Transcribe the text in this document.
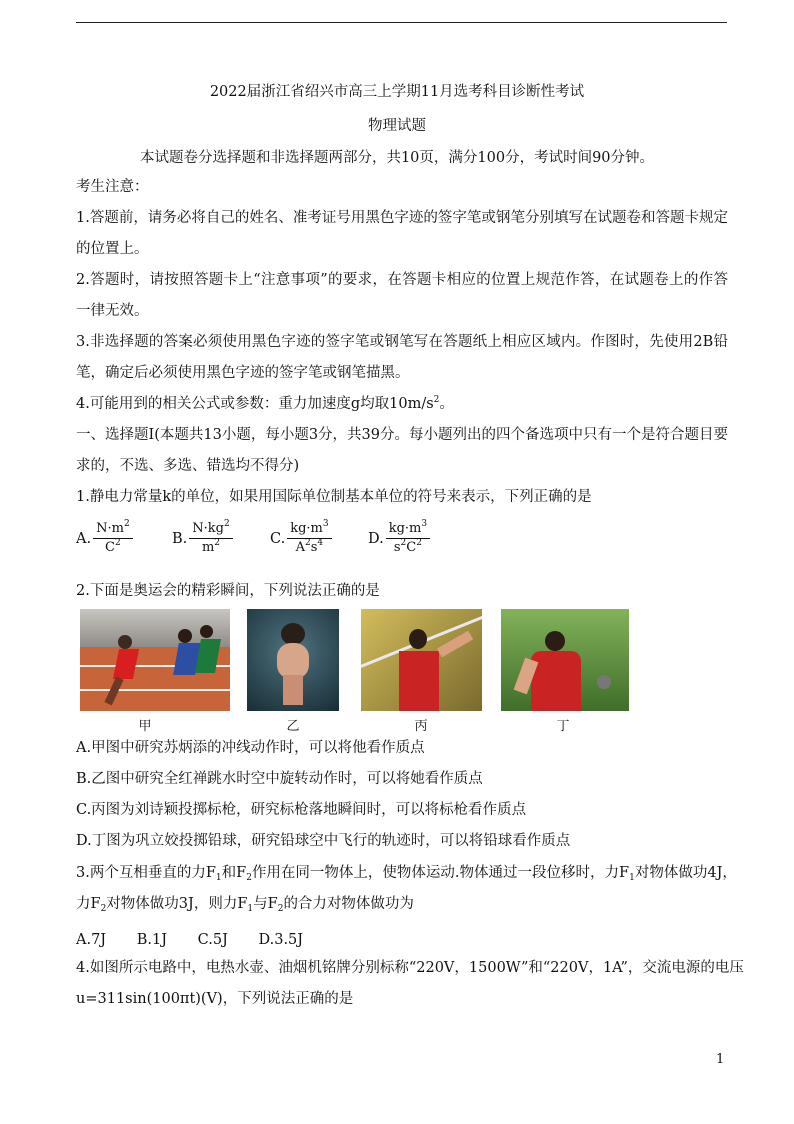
2022届浙江省绍兴市高三上学期11月选考科目诊断性考试
物理试题
本试题卷分选择题和非选择题两部分，共10页，满分100分，考试时间90分钟。
考生注意：
1.答题前，请务必将自己的姓名、准考证号用黑色字迹的签字笔或钢笔分别填写在试题卷和答题卡规定的位置上。
2.答题时，请按照答题卡上“注意事项”的要求，在答题卡相应的位置上规范作答，在试题卷上的作答一律无效。
3.非选择题的答案必须使用黑色字迹的签字笔或钢笔写在答题纸上相应区域内。作图时，先使用2B铅笔，确定后必须使用黑色字迹的签字笔或钢笔描黑。
4.可能用到的相关公式或参数：重力加速度g均取$10m/s^2$。
一、选择题I(本题共13小题，每小题3分，共39分。每小题列出的四个备选项中只有一个是符合题目要求的，不选、多选、错选均不得分)
1.静电力常量k的单位，如果用国际单位制基本单位的符号来表示，下列正确的是
A. $\frac{N\cdot m^2}{C^2}$	B. $\frac{N\cdot kg^2}{m^2}$	C. $\frac{kg\cdot m^3}{A^2s^4}$	D. $\frac{kg\cdot m^3}{s^2C^2}$
2.下面是奥运会的精彩瞬间，下列说法正确的是
甲	乙	丙	丁
A.甲图中研究苏炳添的冲线动作时，可以将他看作质点
B.乙图中研究全红禅跳水时空中旋转动作时，可以将她看作质点
C.丙图为刘诗颖投掷标枪，研究标枪落地瞬间时，可以将标枪看作质点
D.丁图为巩立姣投掷铅球，研究铅球空中飞行的轨迹时，可以将铅球看作质点
3.两个互相垂直的力$F_1$和$F_2$作用在同一物体上，使物体运动.物体通过一段位移时，力$F_1$对物体做功4J，
力$F_2$对物体做功3J，则力$F_1$与$F_2$的合力对物体做功为
A.7J B.1J C.5J D.3.5J
4.如图所示电路中，电热水壶、油烟机铭牌分别标称“220V，1500W”和“220V，1A”，交流电源的电压
u=311sin(100πt)(V)，下列说法正确的是
1
